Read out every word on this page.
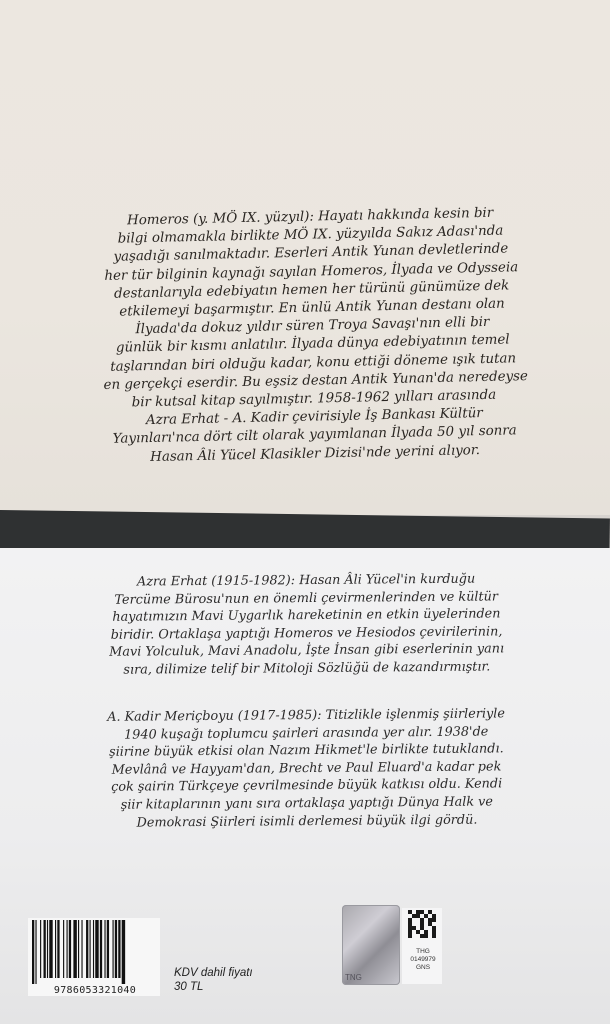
Homeros (y. MÖ IX. yüzyıl): Hayatı hakkında kesin bir
bilgi olmamakla birlikte MÖ IX. yüzyılda Sakız Adası'nda
yaşadığı sanılmaktadır. Eserleri Antik Yunan devletlerinde
her tür bilginin kaynağı sayılan Homeros, İlyada ve Odysseia
destanlarıyla edebiyatın hemen her türünü günümüze dek
etkilemeyi başarmıştır. En ünlü Antik Yunan destanı olan
İlyada'da dokuz yıldır süren Troya Savaşı'nın elli bir
günlük bir kısmı anlatılır. İlyada dünya edebiyatının temel
taşlarından biri olduğu kadar, konu ettiği döneme ışık tutan
en gerçekçi eserdir. Bu eşsiz destan Antik Yunan'da neredeyse
bir kutsal kitap sayılmıştır. 1958-1962 yılları arasında
Azra Erhat - A. Kadir çevirisiyle İş Bankası Kültür
Yayınları'nca dört cilt olarak yayımlanan İlyada 50 yıl sonra
Hasan Âli Yücel Klasikler Dizisi'nde yerini alıyor.
Azra Erhat (1915-1982): Hasan Âli Yücel'in kurduğu
Tercüme Bürosu'nun en önemli çevirmenlerinden ve kültür
hayatımızın Mavi Uygarlık hareketinin en etkin üyelerinden
biridir. Ortaklaşa yaptığı Homeros ve Hesiodos çevirilerinin,
Mavi Yolculuk, Mavi Anadolu, İşte İnsan gibi eserlerinin yanı
sıra, dilimize telif bir Mitoloji Sözlüğü de kazandırmıştır.
A. Kadir Meriçboyu (1917-1985): Titizlikle işlenmiş şiirleriyle
1940 kuşağı toplumcu şairleri arasında yer alır. 1938'de
şiirine büyük etkisi olan Nazım Hikmet'le birlikte tutuklandı.
Mevlânâ ve Hayyam'dan, Brecht ve Paul Eluard'a kadar pek
çok şairin Türkçeye çevrilmesinde büyük katkısı oldu. Kendi
şiir kitaplarının yanı sıra ortaklaşa yaptığı Dünya Halk ve
Demokrasi Şiirleri isimli derlemesi büyük ilgi gördü.
9786053321040
KDV dahil fiyatı
30 TL
TNG
THG
0149979
GNS
